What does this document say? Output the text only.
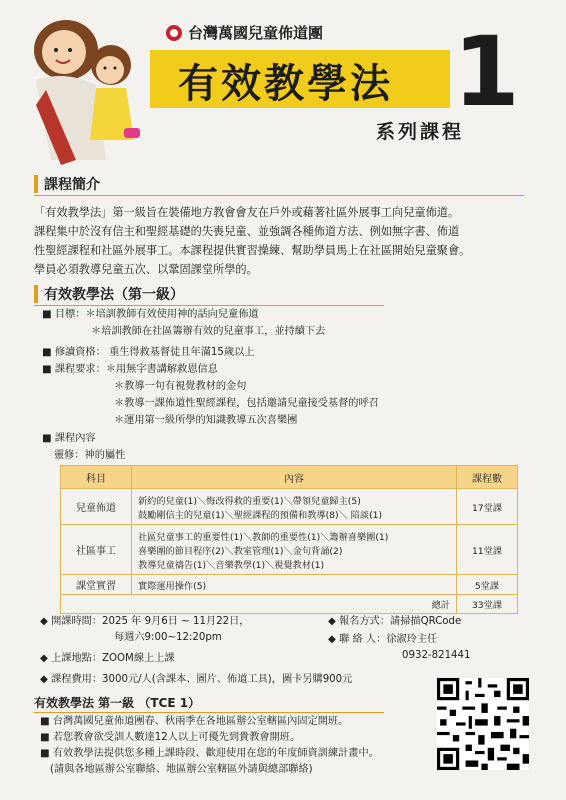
台灣萬國兒童佈道團
有效教學法 1
系列課程
課程簡介
「有效教學法」第一級旨在裝備地方教會會友在戶外或藉著社區外展事工向兒童佈道。
課程集中於沒有信主和聖經基礎的失喪兒童、並強調各種佈道方法、例如無字書、佈道
性聖經課程和社區外展事工。本課程提供實習操練、幫助學員馬上在社區開始兒童聚會。
學員必須教導兒童五次、以鞏固課堂所學的。
有效教學法（第一級）
■ 目標：＊培訓教師有效使用神的話向兒童佈道
＊培訓教師在社區籌辦有效的兒童事工，並持續下去
■ 修讀資格： 重生得救基督徒且年滿15歲以上
■ 課程要求：＊用無字書講解救恩信息
＊教導一句有視覺教材的金句
＊教導一課佈道性聖經課程，包括邀請兒童接受基督的呼召
＊運用第一級所學的知識教導五次喜樂團
■ 課程內容
靈修：神的屬性
科目	內容	課程數
兒童佈道	新約的兒童(1)＼悔改得救的重要(1)＼帶領兒童歸主(5)
鼓勵剛信主的兒童(1)＼聖經課程的預備和教導(8)＼ 陪談(1)	17堂課
社區事工	社區兒童事工的重要性(1)＼教師的重要性(1)＼籌辦喜樂團(1)
喜樂團的節目程序(2)＼教室管理(1)＼金句背誦(2)
教導兒童禱告(1)＼音樂教學(1)＼視覺教材(1)	11堂課
課堂實習	實際運用操作(5)	5堂課
總計		33堂課
◆ 開課時間：2025 年 9月6日 ~ 11月22日，
每週六9:00~12:20pm
◆ 上課地點：ZOOM線上上課
◆ 課程費用：3000元/人(含課本、圖片、佈道工具)，圖卡另購900元
◆ 報名方式：請掃描QRCode
◆ 聯 絡 人：徐淑玲主任
0932-821441
有效教學法 第一級 （TCE 1）
■ 台灣萬國兒童佈道團春、秋兩季在各地區辦公室轄區內固定開班。
■ 若您教會欲受訓人數達12人以上可優先到貴教會開班。
■ 有效教學法提供您多種上課時段、歡迎使用在您的年度師資訓練計畫中。
(請與各地區辦公室聯絡、地區辦公室轄區外請與總部聯絡)
